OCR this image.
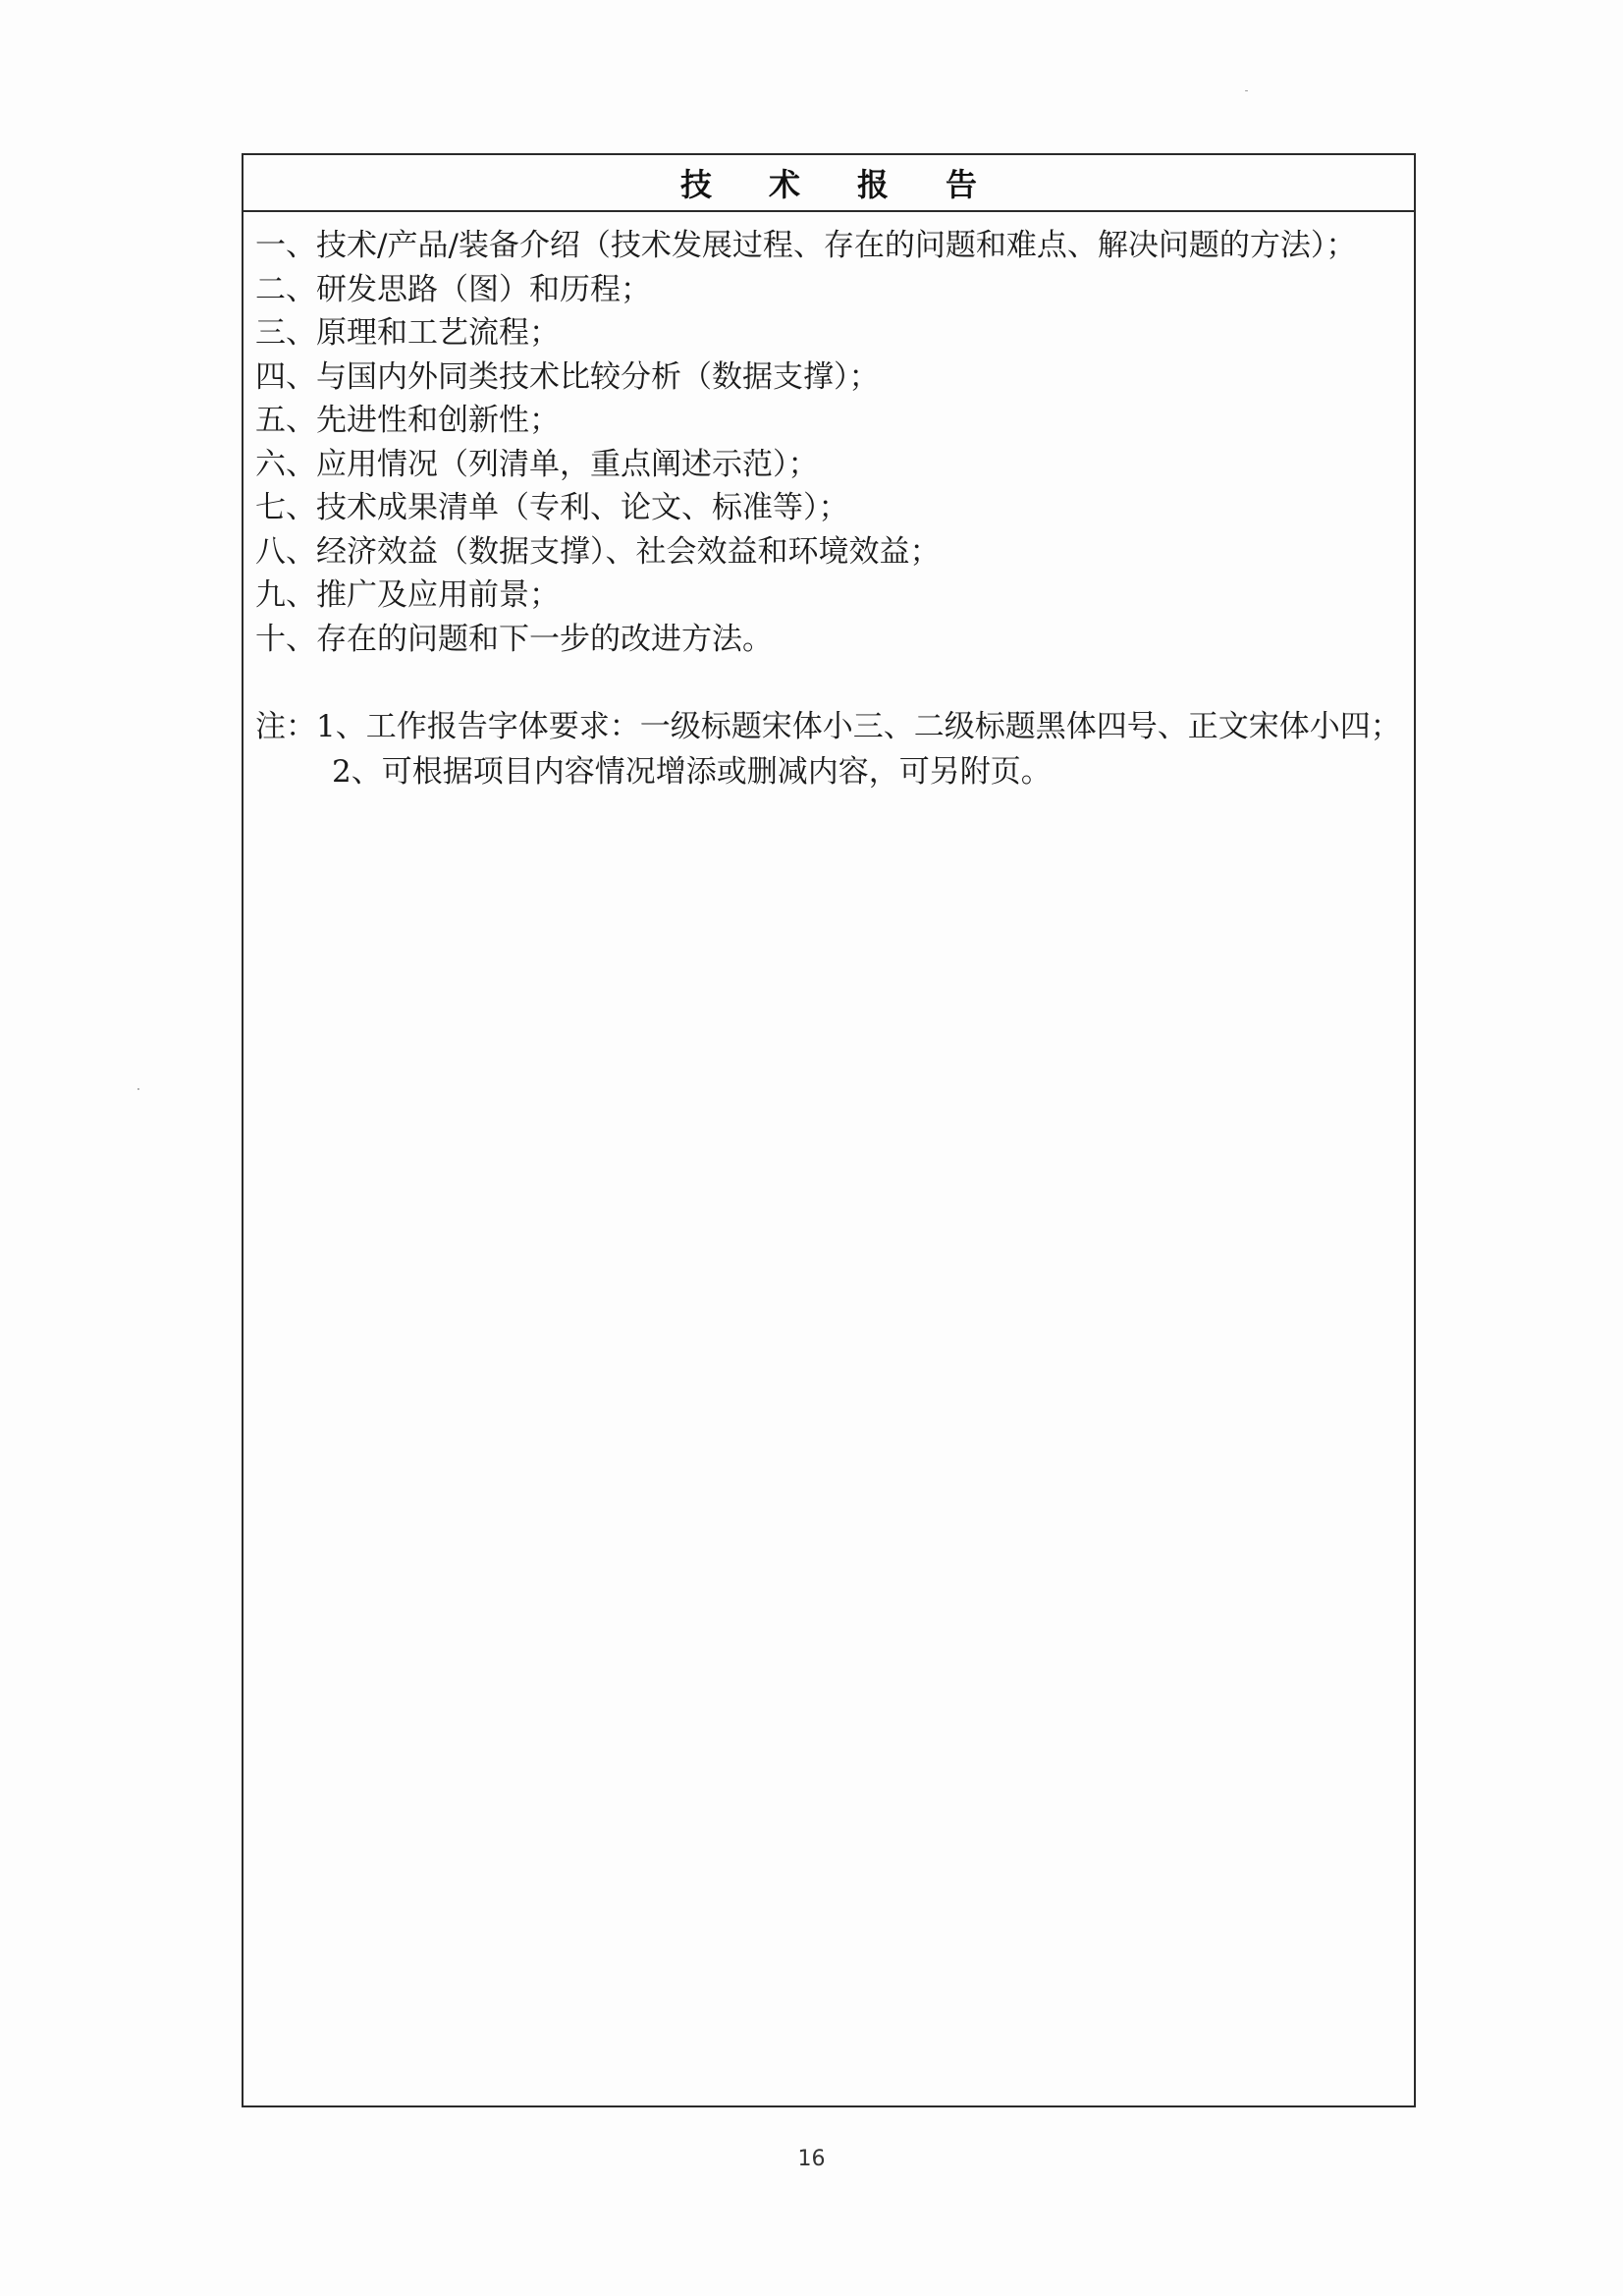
技术报告
一、技术/产品/装备介绍（技术发展过程、存在的问题和难点、解决问题的方法）；
二、研发思路（图）和历程；
三、原理和工艺流程；
四、与国内外同类技术比较分析（数据支撑）；
五、先进性和创新性；
六、应用情况（列清单，重点阐述示范）；
七、技术成果清单（专利、论文、标准等）；
八、经济效益（数据支撑）、社会效益和环境效益；
九、推广及应用前景；
十、存在的问题和下一步的改进方法。
注：1、工作报告字体要求：一级标题宋体小三、二级标题黑体四号、正文宋体小四；
2、可根据项目内容情况增添或删减内容，可另附页。
16
